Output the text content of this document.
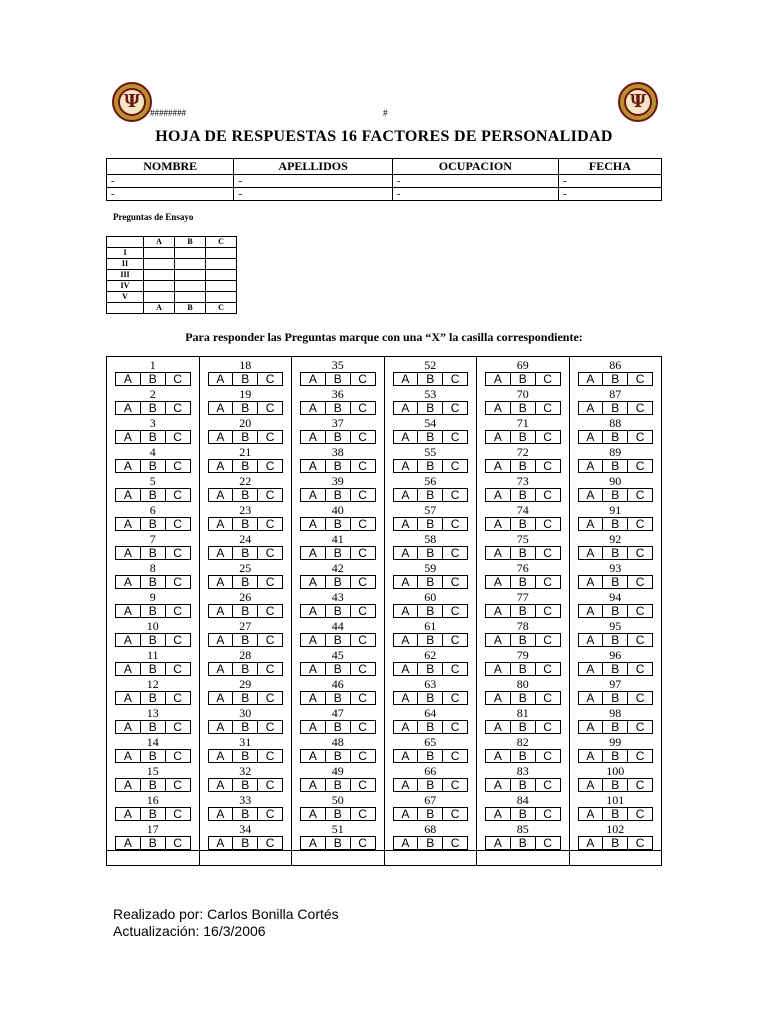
Ψ	Ψ
########	#
HOJA DE RESPUESTAS 16 FACTORES DE PERSONALIDAD
NOMBRE	APELLIDOS	OCUPACION	FECHA
-	-	-	-
-	-	-	-
Preguntas de Ensayo
	A	B	C
I			
II			
III			
IV			
V			
	A	B	C
Para responder las Preguntas marque con una “X” la casilla correspondiente:
1
A	B	C
2
A	B	C
3
A	B	C
4
A	B	C
5
A	B	C
6
A	B	C
7
A	B	C
8
A	B	C
9
A	B	C
10
A	B	C
11
A	B	C
12
A	B	C
13
A	B	C
14
A	B	C
15
A	B	C
16
A	B	C
17
A	B	C
18
A	B	C
19
A	B	C
20
A	B	C
21
A	B	C
22
A	B	C
23
A	B	C
24
A	B	C
25
A	B	C
26
A	B	C
27
A	B	C
28
A	B	C
29
A	B	C
30
A	B	C
31
A	B	C
32
A	B	C
33
A	B	C
34
A	B	C
35
A	B	C
36
A	B	C
37
A	B	C
38
A	B	C
39
A	B	C
40
A	B	C
41
A	B	C
42
A	B	C
43
A	B	C
44
A	B	C
45
A	B	C
46
A	B	C
47
A	B	C
48
A	B	C
49
A	B	C
50
A	B	C
51
A	B	C
52
A	B	C
53
A	B	C
54
A	B	C
55
A	B	C
56
A	B	C
57
A	B	C
58
A	B	C
59
A	B	C
60
A	B	C
61
A	B	C
62
A	B	C
63
A	B	C
64
A	B	C
65
A	B	C
66
A	B	C
67
A	B	C
68
A	B	C
69
A	B	C
70
A	B	C
71
A	B	C
72
A	B	C
73
A	B	C
74
A	B	C
75
A	B	C
76
A	B	C
77
A	B	C
78
A	B	C
79
A	B	C
80
A	B	C
81
A	B	C
82
A	B	C
83
A	B	C
84
A	B	C
85
A	B	C
86
A	B	C
87
A	B	C
88
A	B	C
89
A	B	C
90
A	B	C
91
A	B	C
92
A	B	C
93
A	B	C
94
A	B	C
95
A	B	C
96
A	B	C
97
A	B	C
98
A	B	C
99
A	B	C
100
A	B	C
101
A	B	C
102
A	B	C
Realizado por: Carlos Bonilla Cortés
Actualización: 16/3/2006
